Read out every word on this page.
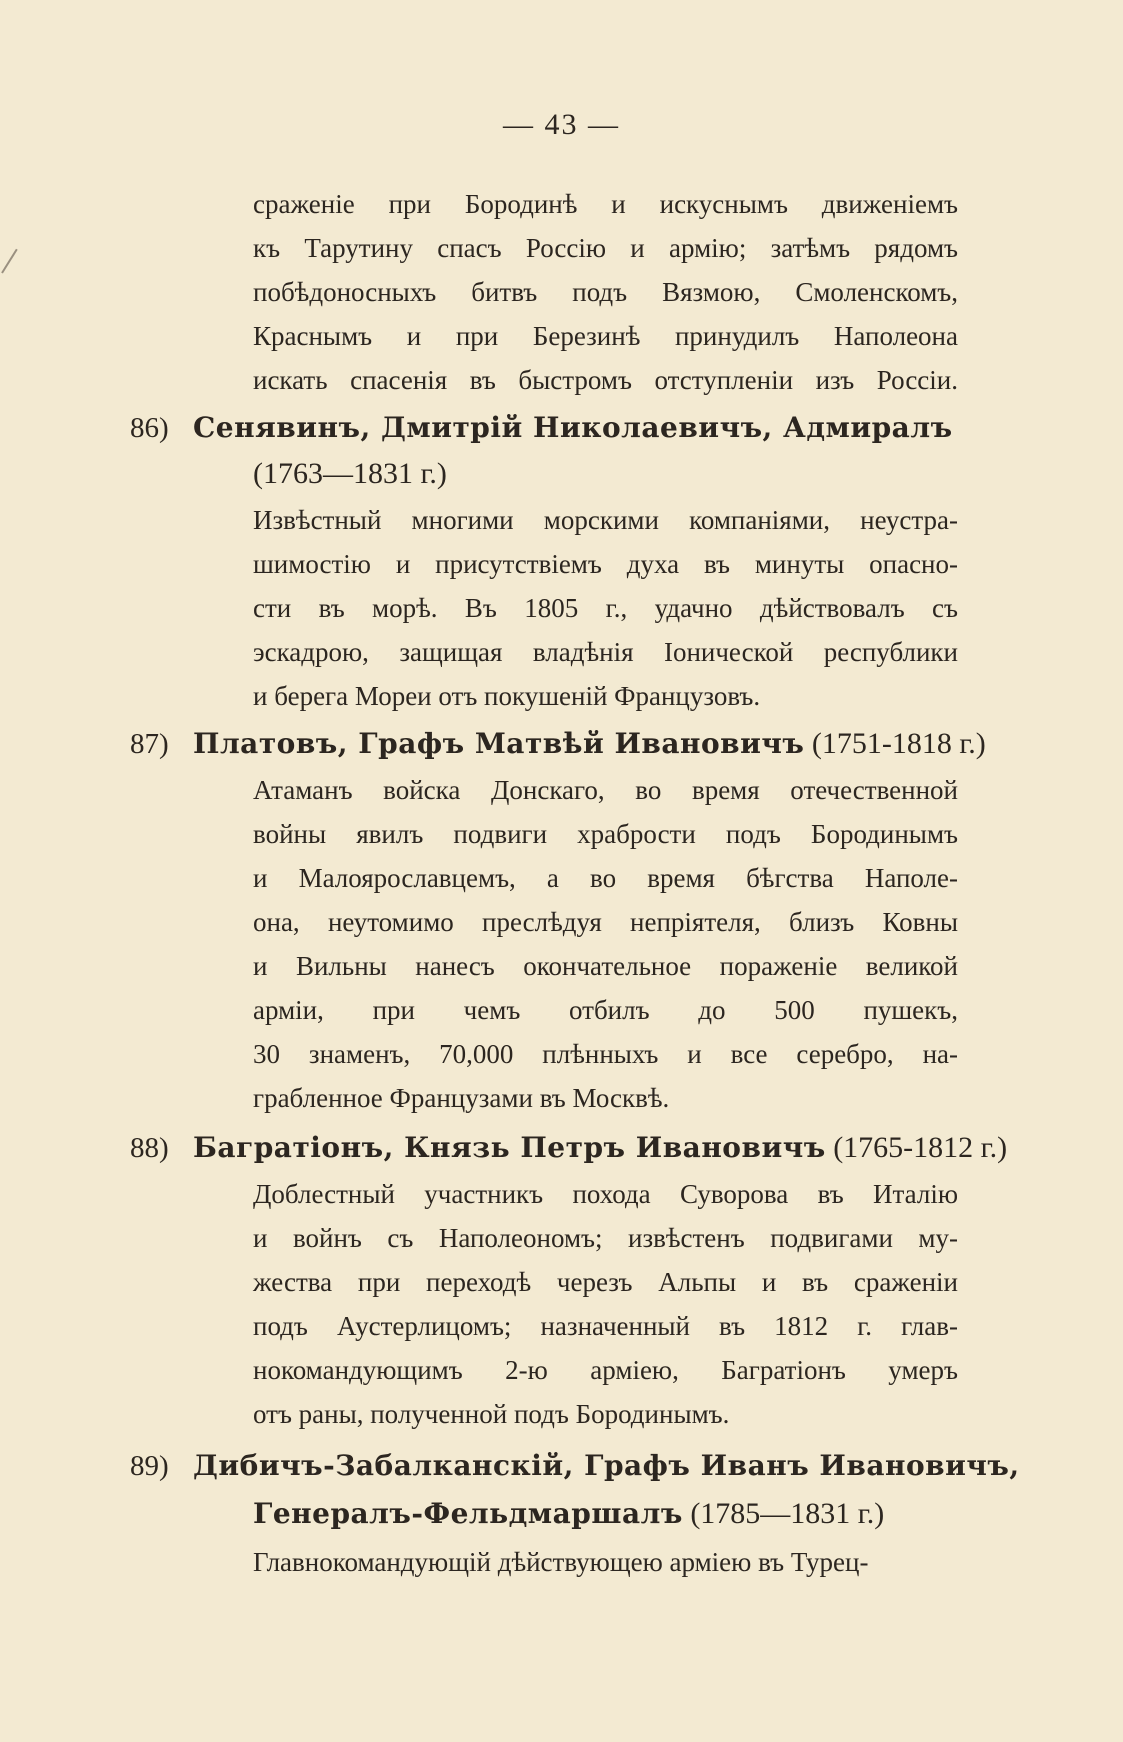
— 43 —
сраженіе при Бородинѣ и искуснымъ движеніемъ
къ Тарутину спасъ Россію и армію; затѣмъ рядомъ
побѣдоносныхъ битвъ подъ Вязмою, Смоленскомъ,
Краснымъ и при Березинѣ принудилъ Наполеона
искать спасенія въ быстромъ отступленіи изъ Россіи.
86) Сенявинъ, Дмитрій Николаевичъ, Адмиралъ
(1763—1831 г.)
Извѣстный многими морскими компаніями, неустра-
шимостію и присутствіемъ духа въ минуты опасно-
сти въ морѣ. Въ 1805 г., удачно дѣйствовалъ съ
эскадрою, защищая владѣнія Іонической республики
и берега Мореи отъ покушеній Французовъ.
87) Платовъ, Графъ Матвѣй Ивановичъ (1751-1818 г.)
Атаманъ войска Донскаго, во время отечественной
войны явилъ подвиги храбрости подъ Бородинымъ
и Малоярославцемъ, а во время бѣгства Наполе-
она, неутомимо преслѣдуя непріятеля, близъ Ковны
и Вильны нанесъ окончательное пораженіе великой
арміи, при чемъ отбилъ до 500 пушекъ,
30 знаменъ, 70,000 плѣнныхъ и все серебро, на-
грабленное Французами въ Москвѣ.
88) Багратіонъ, Князь Петръ Ивановичъ (1765-1812 г.)
Доблестный участникъ похода Суворова въ Италію
и войнъ съ Наполеономъ; извѣстенъ подвигами му-
жества при переходѣ черезъ Альпы и въ сраженіи
подъ Аустерлицомъ; назначенный въ 1812 г. глав-
нокомандующимъ 2-ю арміею, Багратіонъ умеръ
отъ раны, полученной подъ Бородинымъ.
89) Дибичъ-Забалканскій, Графъ Иванъ Ивановичъ,
Генералъ-Фельдмаршалъ (1785—1831 г.)
Главнокомандующій дѣйствующею арміею въ Турец-
